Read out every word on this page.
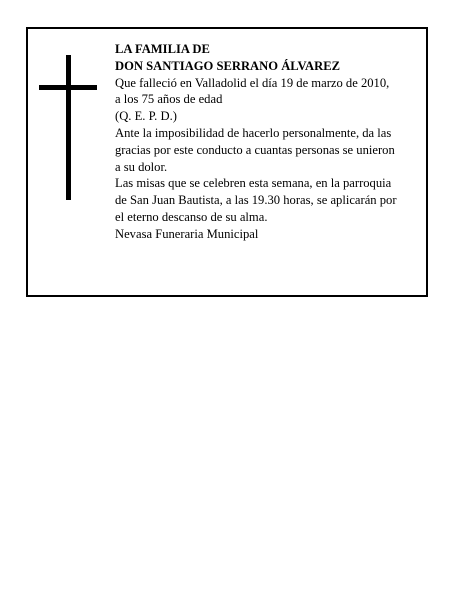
LA FAMILIA DE
DON SANTIAGO SERRANO ÁLVAREZ
Que falleció en Valladolid el día 19 de marzo de 2010,
a los 75 años de edad
(Q. E. P. D.)
Ante la imposibilidad de hacerlo personalmente, da las
gracias por este conducto a cuantas personas se unieron
a su dolor.
Las misas que se celebren esta semana, en la parroquia
de San Juan Bautista, a las 19.30 horas, se aplicarán por
el eterno descanso de su alma.
Nevasa Funeraria Municipal
